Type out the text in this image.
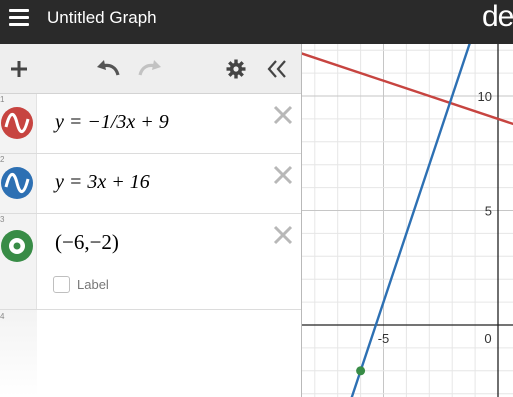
Untitled Graph	de
1
y = −1/3x + 9
2
y = 3x + 16
3
(−6,−2)
Label
4
-5	0
10
5
